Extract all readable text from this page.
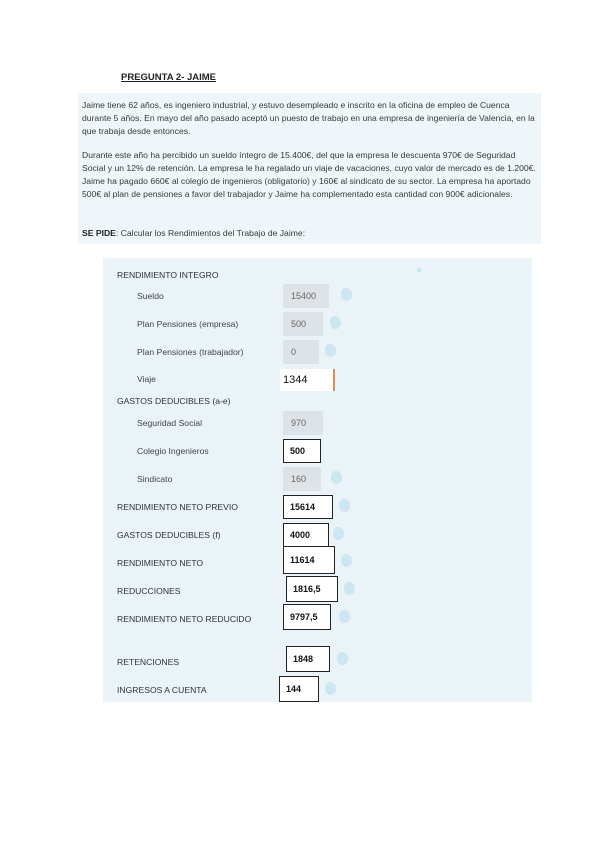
PREGUNTA 2- JAIME

Jaime tiene 62 años, es ingeniero industrial, y estuvo desempleado e inscrito en la oficina de empleo de Cuenca durante 5 años. En mayo del año pasado aceptó un puesto de trabajo en una empresa de ingeniería de Valencia, en la que trabaja desde entonces.

Durante este año ha percibido un sueldo íntegro de 15.400€, del que la empresa le descuenta 970€ de Seguridad Social y un 12% de retención. La empresa le ha regalado un viaje de vacaciones, cuyo valor de mercado es de 1.200€. Jaime ha pagado 660€ al colegio de ingenieros (obligatorio) y 160€ al sindicato de su sector. La empresa ha aportado 500€ al plan de pensiones a favor del trabajador y Jaime ha complementado esta cantidad con 900€ adicionales.

SE PIDE: Calcular los Rendimientos del Trabajo de Jaime:

RENDIMIENTO INTEGRO
Sueldo	15400
Plan Pensiones (empresa)	500
Plan Pensiones (trabajador)	0
Viaje	1344
GASTOS DEDUCIBLES (a-e)
Seguridad Social	970
Colegio Ingenieros	500
Sindicato	160
RENDIMIENTO NETO PREVIO	15614
GASTOS DEDUCIBLES (f)	4000
RENDIMIENTO NETO	11614
REDUCCIONES	1816,5
RENDIMIENTO NETO REDUCIDO	9797,5
RETENCIONES	1848
INGRESOS A CUENTA	144
